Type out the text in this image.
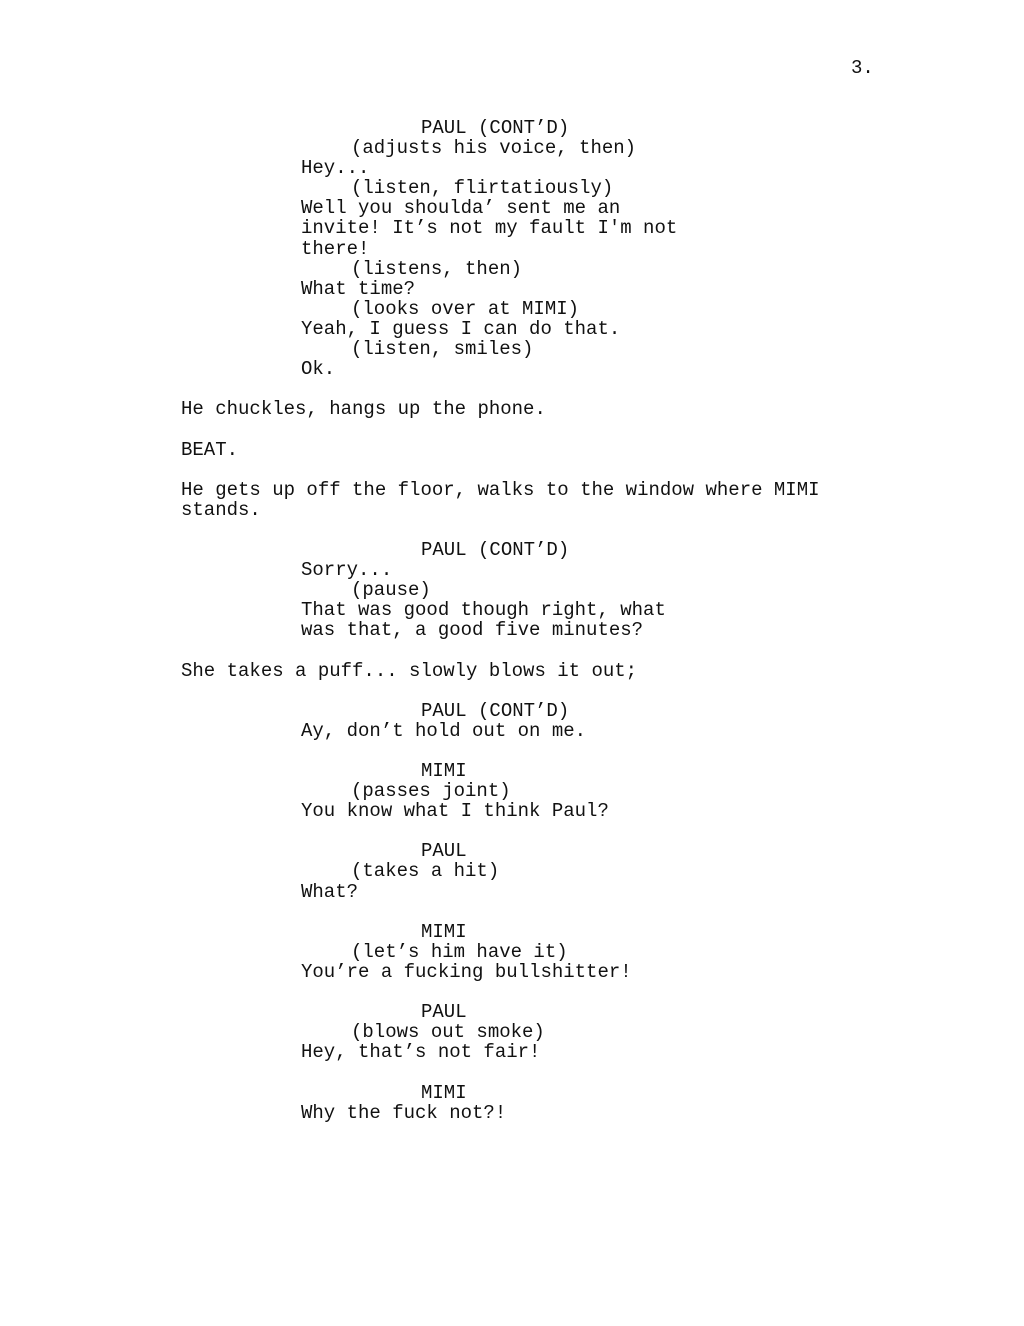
3.
PAUL (CONT’D)
(adjusts his voice, then)
Hey...
(listen, flirtatiously)
Well you shoulda’ sent me an
invite! It’s not my fault I'm not
there!
(listens, then)
What time?
(looks over at MIMI)
Yeah, I guess I can do that.
(listen, smiles)
Ok.
He chuckles, hangs up the phone.
BEAT.
He gets up off the floor, walks to the window where MIMI
stands.
PAUL (CONT’D)
Sorry...
(pause)
That was good though right, what
was that, a good five minutes?
She takes a puff... slowly blows it out;
PAUL (CONT’D)
Ay, don’t hold out on me.
MIMI
(passes joint)
You know what I think Paul?
PAUL
(takes a hit)
What?
MIMI
(let’s him have it)
You’re a fucking bullshitter!
PAUL
(blows out smoke)
Hey, that’s not fair!
MIMI
Why the fuck not?!
